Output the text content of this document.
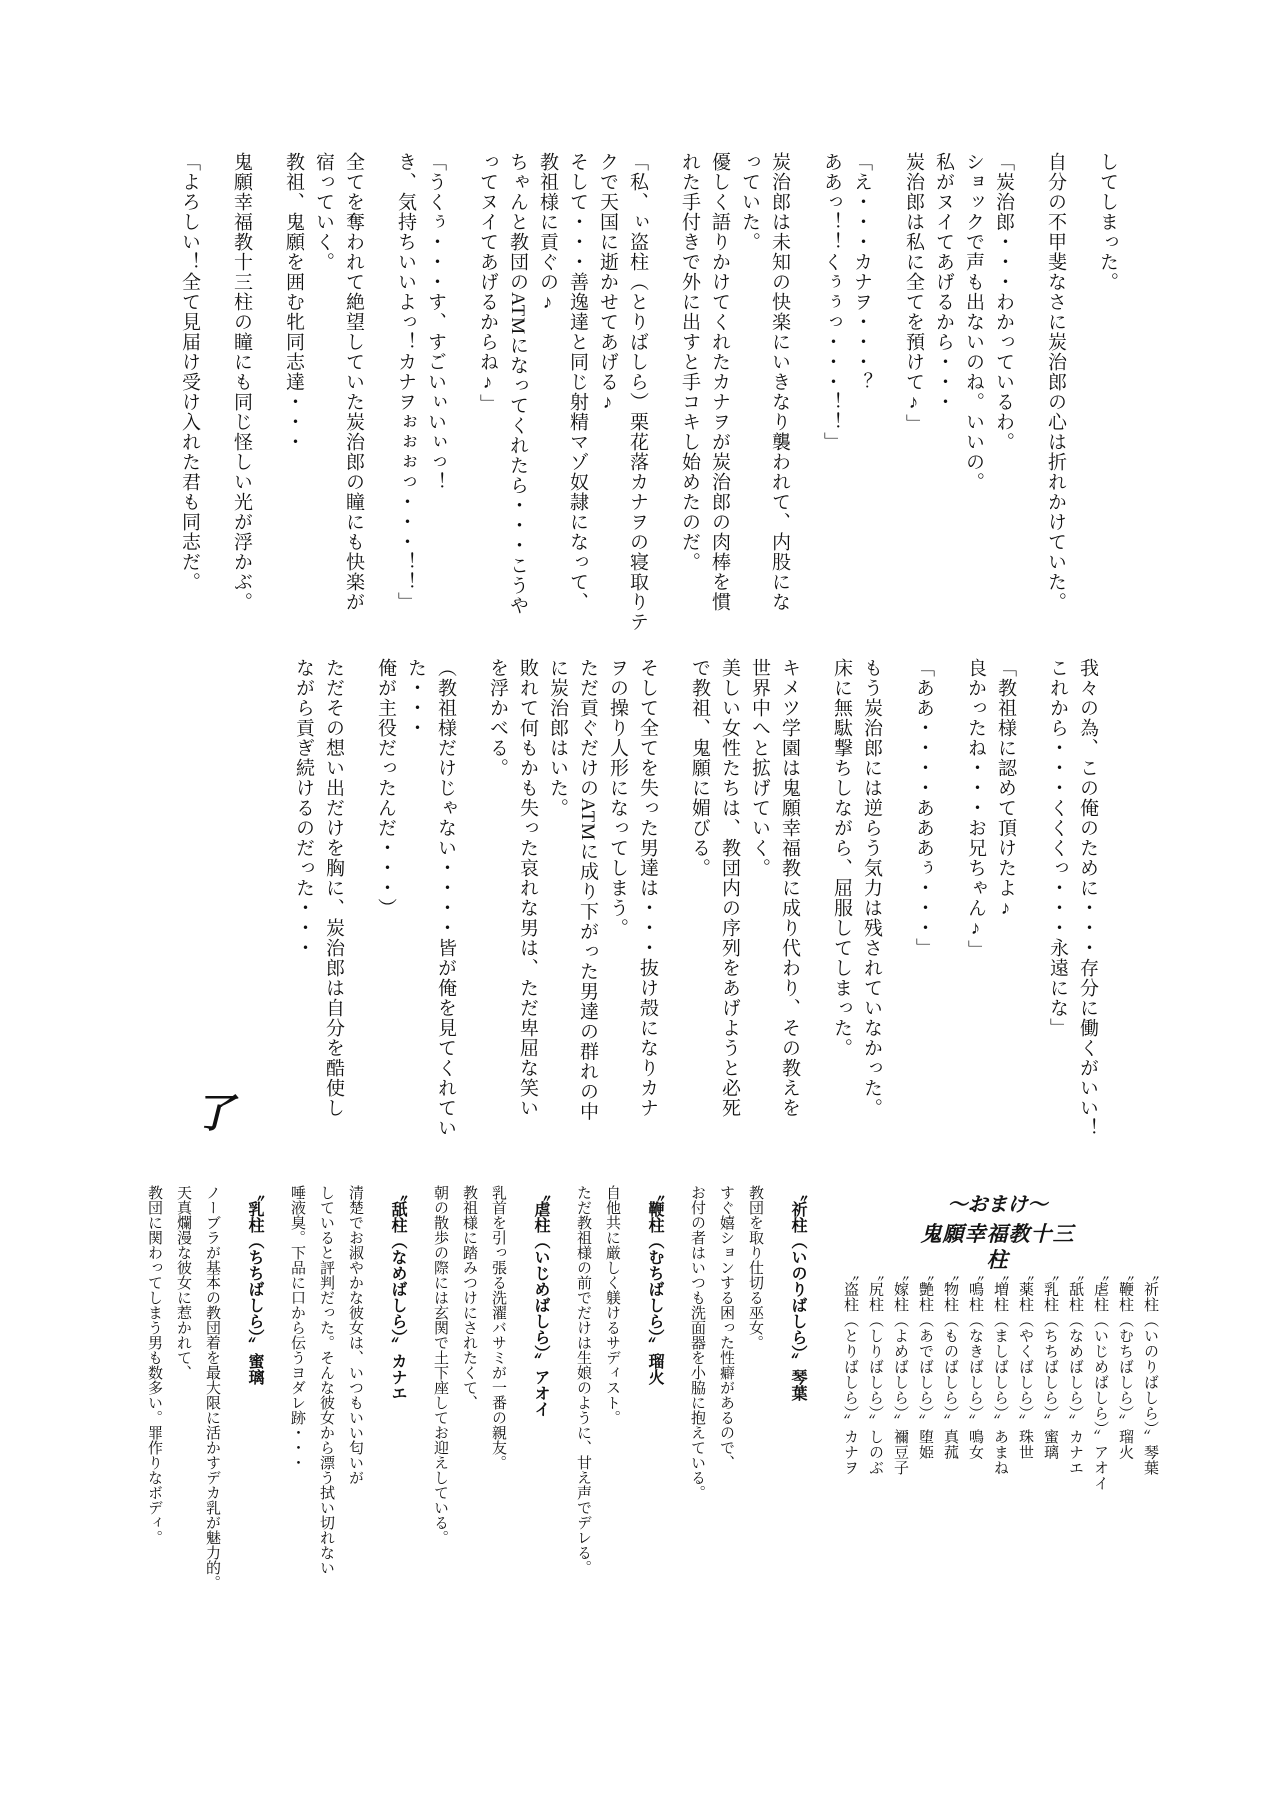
してしまった。
自分の不甲斐なさに炭治郎の心は折れかけていた。
「炭治郎・・・わかっているわ。
ショックで声も出ないのね。いいの。
私がヌイてあげるから・・・
炭治郎は私に全てを預けて♪」
「え・・・カナヲ・・・？
ああっ！！くぅぅっ・・・！！」
炭治郎は未知の快楽にいきなり襲われて、内股にな
っていた。
優しく語りかけてくれたカナヲが炭治郎の肉棒を慣
れた手付きで外に出すと手コキし始めたのだ。
「私、ぃ盗柱（とりばしら）栗花落カナヲの寝取りテ
クで天国に逝かせてあげる♪
そして・・・善逸達と同じ射精マゾ奴隷になって、
教祖様に貢ぐの♪
ちゃんと教団のATMになってくれたら・・・こうや
ってヌイてあげるからね♪」
「うくぅ・・・す、すごいぃいぃっ！
き、気持ちいいよっ！カナヲぉぉぉっ・・・！！」
全てを奪われて絶望していた炭治郎の瞳にも快楽が
宿っていく。
教祖、鬼願を囲む牝同志達・・・
鬼願幸福教十三柱の瞳にも同じ怪しい光が浮かぶ。
「よろしい！全て見届け受け入れた君も同志だ。
我々の為、この俺のために・・・存分に働くがいい！
これから・・・くくくっ・・・永遠にな」
「教祖様に認めて頂けたよ♪
良かったね・・・お兄ちゃん♪」
「ああ・・・・あああぅ・・・」
もう炭治郎には逆らう気力は残されていなかった。
床に無駄撃ちしながら、屈服してしまった。
キメツ学園は鬼願幸福教に成り代わり、その教えを
世界中へと拡げていく。
美しい女性たちは、教団内の序列をあげようと必死
で教祖、鬼願に媚びる。
そして全てを失った男達は・・・抜け殻になりカナ
ヲの操り人形になってしまう。
ただ貢ぐだけのATMに成り下がった男達の群れの中
に炭治郎はいた。
敗れて何もかも失った哀れな男は、ただ卑屈な笑い
を浮かべる。
（教祖様だけじゃない・・・・皆が俺を見てくれてい
た・・・
俺が主役だったんだ・・・）
ただその想い出だけを胸に、炭治郎は自分を酷使し
ながら貢ぎ続けるのだった・・・
了
～おまけ～
鬼願幸福教十三柱
〝祈柱（いのりばしら）〟琴葉
〝鞭柱（むちばしら）〟瑠火
〝虐柱（いじめばしら）〟アオイ
〝舐柱（なめばしら）〟カナエ
〝乳柱（ちちばしら）〟蜜璃
〝薬柱（やくばしら）〟珠世
〝増柱（ましばしら）〟あまね
〝鳴柱（なきばしら）〟鳴女
〝物柱（ものばしら）〟真菰
〝艶柱（あでばしら）〟堕姫
〝嫁柱（よめばしら）〟禰豆子
〝尻柱（しりばしら）〟しのぶ
〝盗柱（とりばしら）〟カナヲ
〝祈柱（いのりばしら）〟琴葉
教団を取り仕切る巫女。
すぐ嬉ションする困った性癖があるので、
お付の者はいつも洗面器を小脇に抱えている。
〝鞭柱（むちばしら）〟瑠火
自他共に厳しく躾けるサディスト。
ただ教祖様の前でだけは生娘のように、甘え声でデレる。
〝虐柱（いじめばしら）〟アオイ
乳首を引っ張る洗濯バサミが一番の親友。
教祖様に踏みつけにされたくて、
朝の散歩の際には玄関で土下座してお迎えしている。
〝舐柱（なめばしら）〟カナエ
清楚でお淑やかな彼女は、いつもいい匂いが
していると評判だった。そんな彼女から漂う拭い切れない
唾液臭。下品に口から伝うヨダレ跡・・・
〝乳柱（ちちばしら）〟蜜璃
ノーブラが基本の教団着を最大限に活かすデカ乳が魅力的。
天真爛漫な彼女に惹かれて、
教団に関わってしまう男も数多い。罪作りなボディ。
